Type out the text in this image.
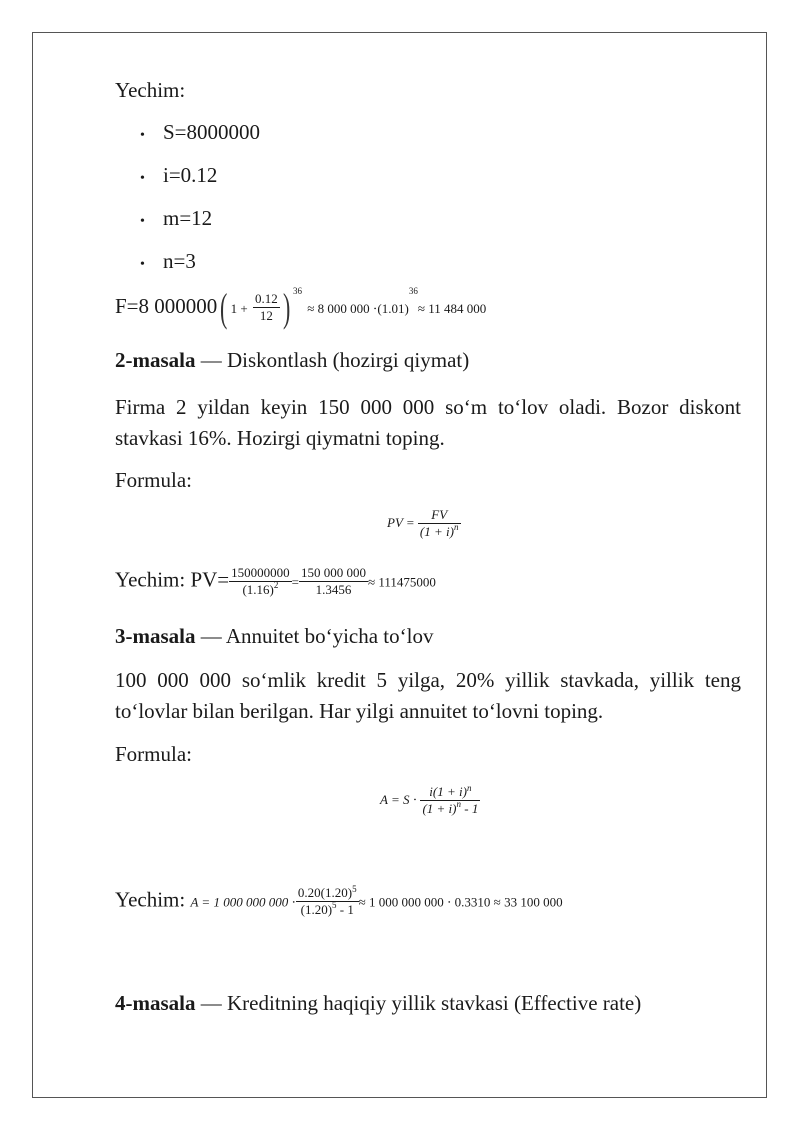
Yechim:
• S=8000000
• i=0.12
• m=12
• n=3
F=8 000000( $1 + \frac{0.12}{12}$ ) $^{36}$ ≈ 8 000 $000 \cdot(1.01)^{36}\approx 11$ 484 000
2-masala — Diskontlash (hozirgi qiymat)
Firma 2 yildan keyin 150 000 000 so‘m to‘lov oladi. Bozor diskont stavkasi 16%. Hozirgi qiymatni toping.
Formula:
PV = $\frac{FV}{(1 + i)^n}$
Yechim: $PV= \frac{150000000}{(1.16)^2} = \frac{150 000 000}{1.3456} \approx 111475000$
3-masala — Annuitet bo‘yicha to‘lov
100 000 000 so‘mlik kredit 5 yilga, 20% yillik stavkada, yillik teng to‘lovlar bilan berilgan. Har yilgi annuitet to‘lovni toping.
Formula:
$A = S \cdot \frac{i(1 + i)^n}{(1 + i)^n - 1}$
Yechim: A = 1 000 000 $000 \cdot \frac{0.20(1.20)^5}{(1.20)^5 - 1} \approx 1$ 000 000 000 ⋅ 0.3310 ≈ 33 100 000
4-masala — Kreditning haqiqiy yillik stavkasi (Effective rate)
